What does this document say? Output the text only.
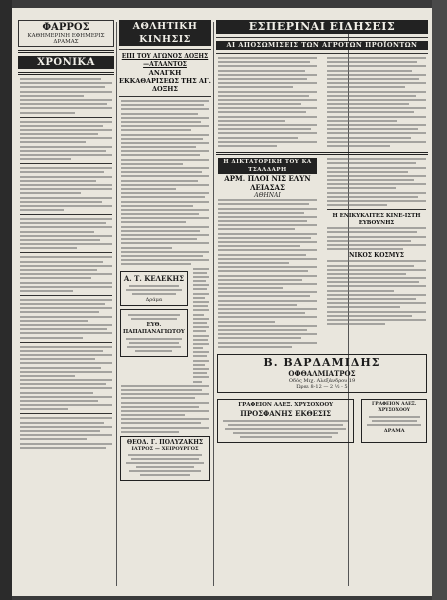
ΦΑΡΡΟΣ
ΚΑΘΗΜΕΡΙΝΗ ΕΦΗΜΕΡΙΣ ΔΡΑΜΑΣ
ΧΡΟΝΙΚΑ
ΑΘΛΗΤΙΚΗ ΚΙΝΗΣΙΣ
ΕΠΙ ΤΟΥ ΑΓΩΝΟΣ ΔΟΞΗΣ—ΑΤΛΑΝΤΟΣ
ΑΝΑΓΚΗ ΕΚΚΑΘΑΡΙΣΕΩΣ ΤΗΣ ΑΓ. ΔΟΞΗΣ
Α. Τ. ΚΕΛΕΚΗΣ
Δράμα
ΕΥΘ. ΠΑΠΑΠΑΝΑΓΙΩΤΟΥ
ΘΕΟΔ. Γ. ΠΟΛΥΖΑΚΗΣ
ΙΑΤΡΟΣ — ΧΕΙΡΟΥΡΓΟΣ
ΕΣΠΕΡΙΝΑΙ ΕΙΔΗΣΕΙΣ
ΑΙ ΑΠΟΣΩΜΙΣΕΙΣ ΤΩΝ ΑΓΡΟΤΩΝ ΠΡΟΪΟΝΤΩΝ
Η ΔΙΚΤΑΤΟΡΙΚΗ ΤΟΥ ΚΑ ΤΣΑΛΔΑΡΗ
ΑΡΜ. ΠΛΟΙ ΝΙΣ ΕΛΥΝ ΛΕΙΑΣΑΣ
ΑΘΗΝΑΙ
Η ΕΝΙΚΥΚΛΙΤΕΣ ΚΙΝΕ-ΙΣΤΗ ΕΥΒΟΥΝΗΣ
ΝΙΚΟΣ ΚΟΣΜΥΣ
Β. ΒΑΡΔΑΜΙΔΗΣ
ΟΦΘΑΛΜΙΑΤΡΟΣ
Οδός Μιχ. Αλεξάνδρου 19
Ώραι 8-12 — 2 ½ - 5
ΓΡΑΦΕΙΟΝ ΑΛΕΞ. ΧΡΥΣΟΧΟΟΥ
ΠΡΟΣΦΑΝΗΣ ΕΚΘΕΣΙΣ
ΓΡΑΦΕΙΟΝ ΑΛΕΞ. ΧΡΥΣΟΧΟΟΥ
ΔΡΑΜΑ
